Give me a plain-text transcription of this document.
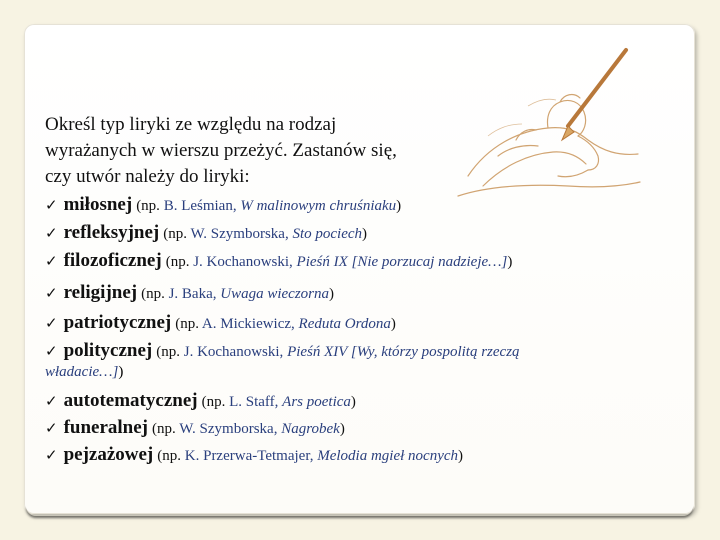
Określ typ liryki ze względu na rodzaj
wyrażanych w wierszu przeżyć. Zastanów się,
czy utwór należy do liryki:
✓ miłosnej (np. B. Leśmian, W malinowym chruśniaku)
✓ refleksyjnej (np. W. Szymborska, Sto pociech)
✓ filozoficznej (np. J. Kochanowski, Pieśń IX [Nie porzucaj nadzieje…])
✓ religijnej (np. J. Baka, Uwaga wieczorna)
✓ patriotycznej (np. A. Mickiewicz, Reduta Ordona)
✓ politycznej (np. J. Kochanowski, Pieśń XIV [Wy, którzy pospolitą rzeczą
władacie…])
✓ autotematycznej (np. L. Staff, Ars poetica)
✓ funeralnej (np. W. Szymborska, Nagrobek)
✓ pejzażowej (np. K. Przerwa-Tetmajer, Melodia mgieł nocnych)
